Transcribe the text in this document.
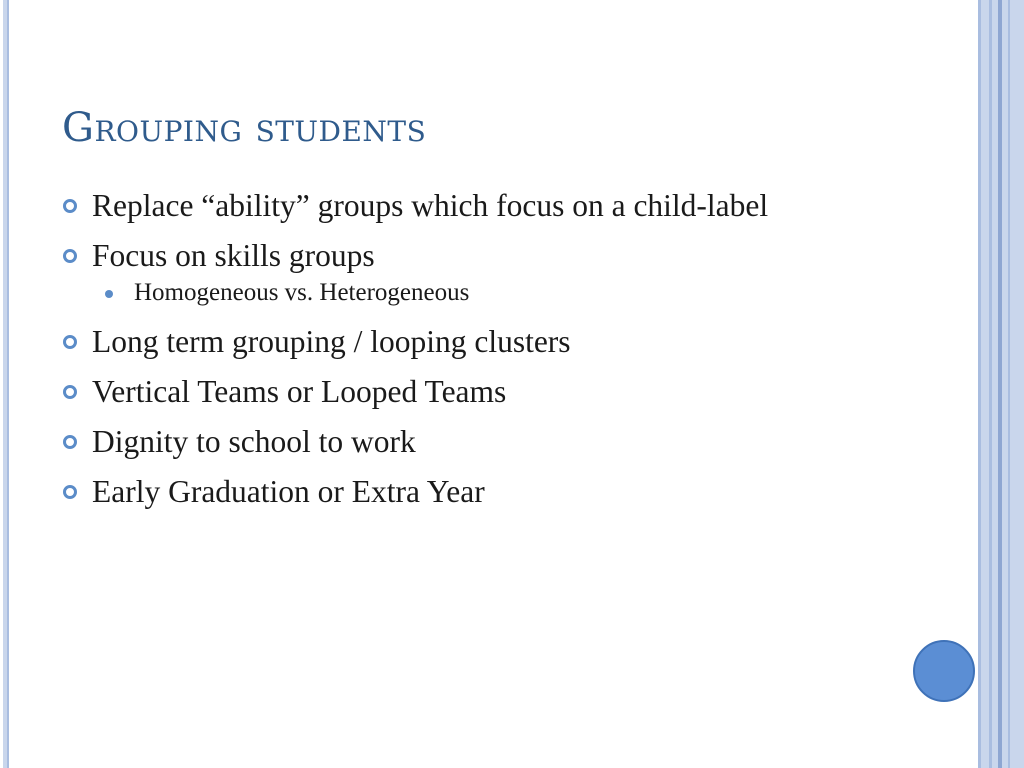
Grouping students
Replace “ability” groups which focus on a child-label
Focus on skills groups
Homogeneous vs. Heterogeneous
Long term grouping / looping clusters
Vertical Teams or Looped Teams
Dignity to school to work
Early Graduation or Extra Year
